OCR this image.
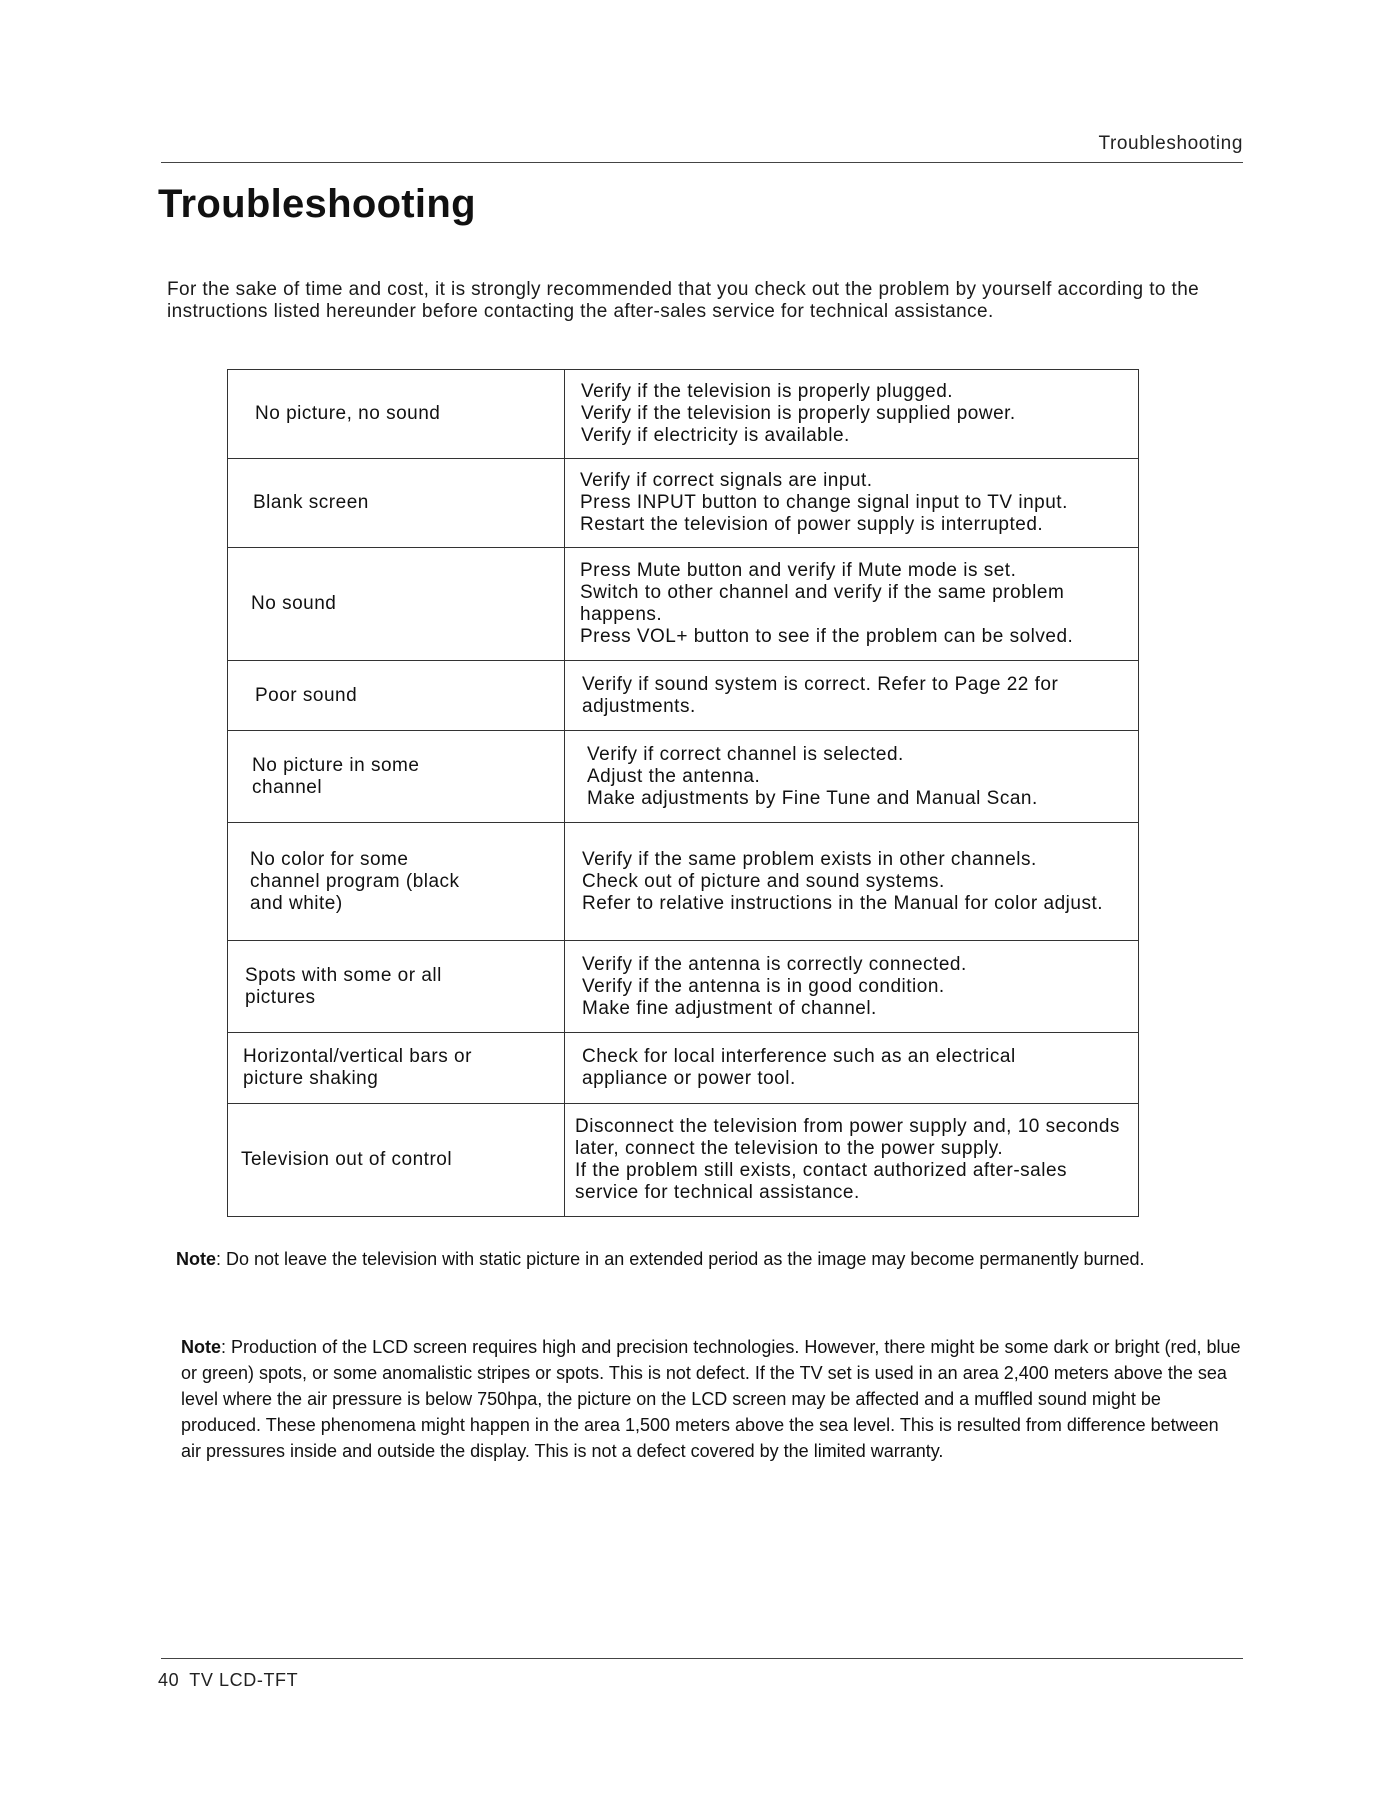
Troubleshooting
Troubleshooting
For the sake of time and cost, it is strongly recommended that you check out the problem by yourself according to the instructions listed hereunder before contacting the after-sales service for technical assistance.
No picture, no sound	Verify if the television is properly plugged.
Verify if the television is properly supplied power.
Verify if electricity is available.

Blank screen	Verify if correct signals are input.
Press INPUT button to change signal input to TV input.
Restart the television of power supply is interrupted.

No sound	Press Mute button and verify if Mute mode is set.
Switch to other channel and verify if the same problem happens.
Press VOL+ button to see if the problem can be solved.

Poor sound	Verify if sound system is correct. Refer to Page 22 for adjustments.

No picture in some channel	Verify if correct channel is selected.
Adjust the antenna.
Make adjustments by Fine Tune and Manual Scan.

No color for some channel program (black and white)	Verify if the same problem exists in other channels.
Check out of picture and sound systems.
Refer to relative instructions in the Manual for color adjust.

Spots with some or all pictures	Verify if the antenna is correctly connected.
Verify if the antenna is in good condition.
Make fine adjustment of channel.

Horizontal/vertical bars or picture shaking	Check for local interference such as an electrical appliance or power tool.

Television out of control	Disconnect the television from power supply and, 10 seconds later, connect the television to the power supply.
If the problem still exists, contact authorized after-sales service for technical assistance.
Note: Do not leave the television with static picture in an extended period as the image may become permanently burned.
Note: Production of the LCD screen requires high and precision technologies. However, there might be some dark or bright (red, blue or green) spots, or some anomalistic stripes or spots. This is not defect. If the TV set is used in an area 2,400 meters above the sea level where the air pressure is below 750hpa, the picture on the LCD screen may be affected and a muffled sound might be produced. These phenomena might happen in the area 1,500 meters above the sea level. This is resulted from difference between air pressures inside and outside the display. This is not a defect covered by the limited warranty.
40 TV LCD-TFT
